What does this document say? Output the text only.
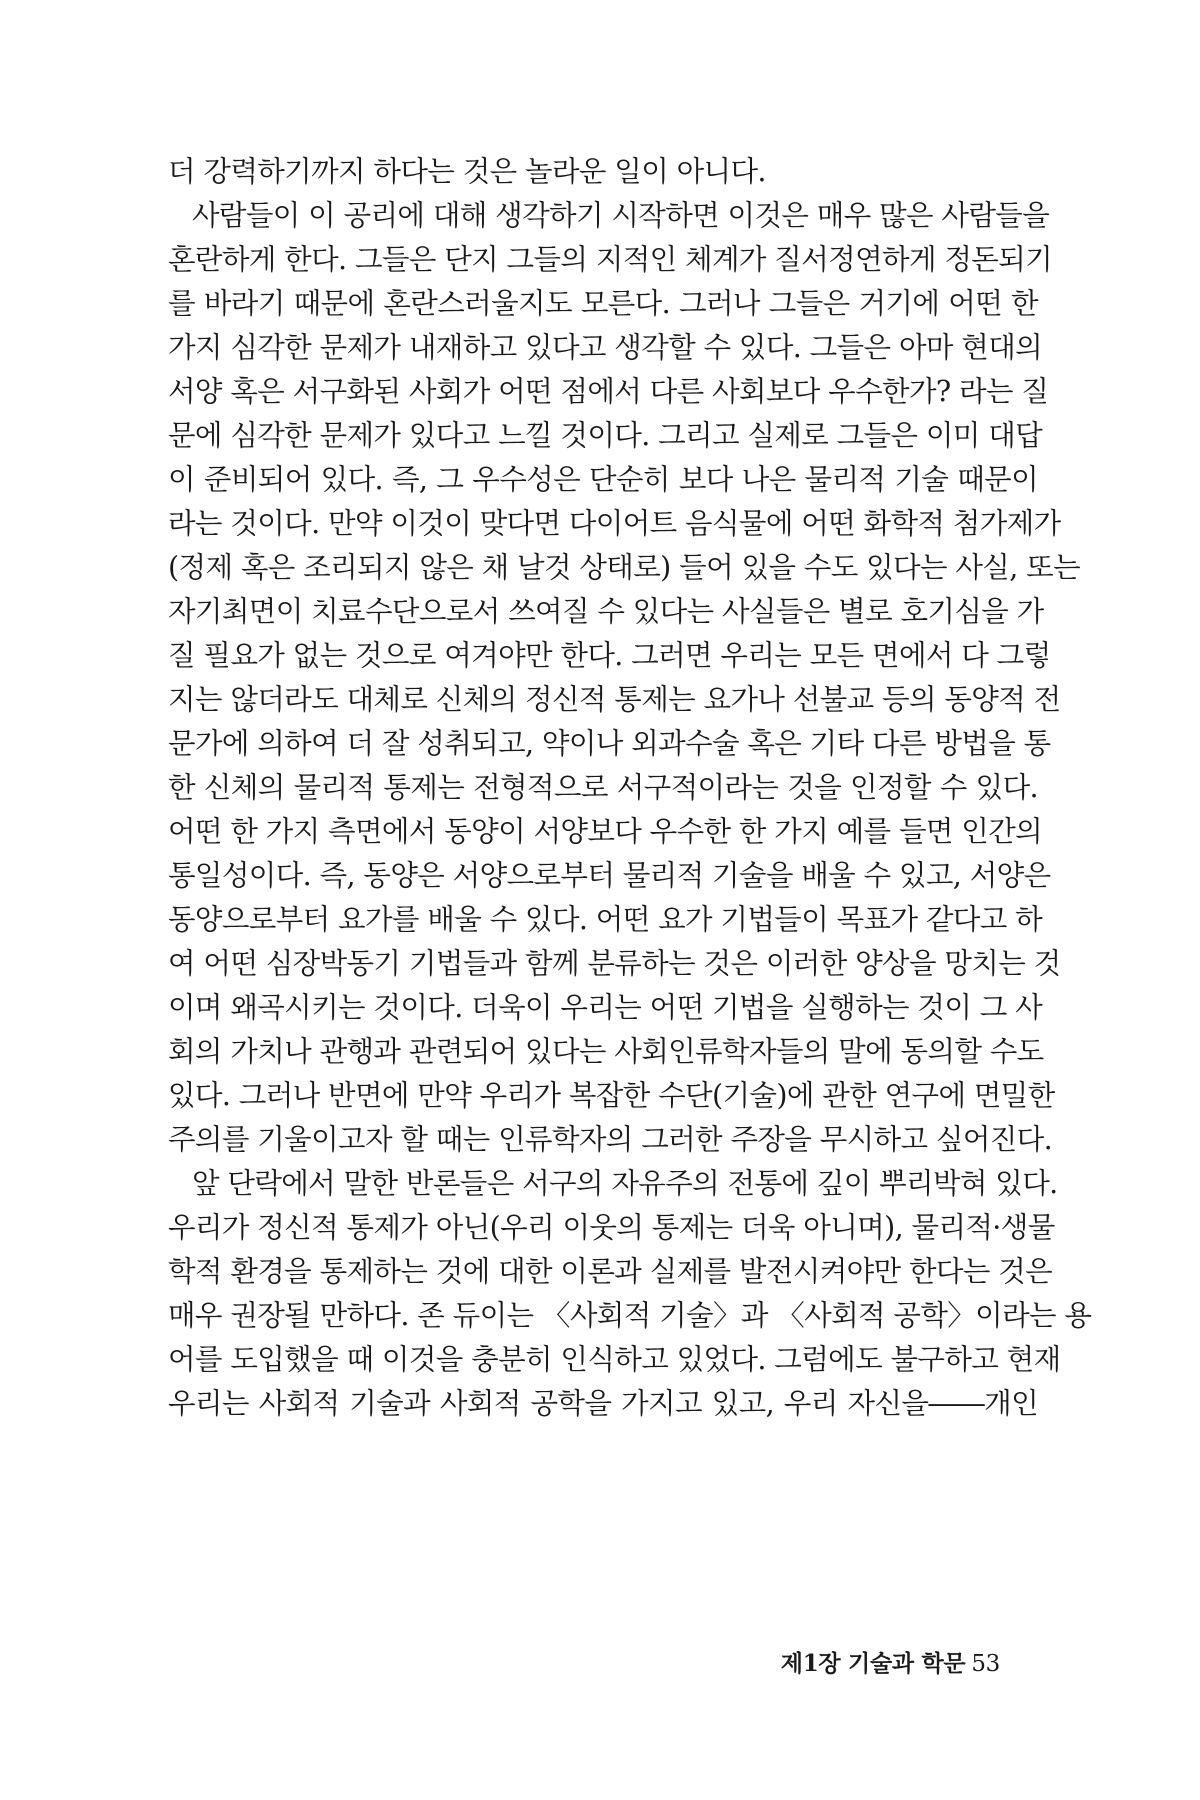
더 강력하기까지 하다는 것은 놀라운 일이 아니다.
사람들이 이 공리에 대해 생각하기 시작하면 이것은 매우 많은 사람들을
혼란하게 한다. 그들은 단지 그들의 지적인 체계가 질서정연하게 정돈되기
를 바라기 때문에 혼란스러울지도 모른다. 그러나 그들은 거기에 어떤 한
가지 심각한 문제가 내재하고 있다고 생각할 수 있다. 그들은 아마 현대의
서양 혹은 서구화된 사회가 어떤 점에서 다른 사회보다 우수한가? 라는 질
문에 심각한 문제가 있다고 느낄 것이다. 그리고 실제로 그들은 이미 대답
이 준비되어 있다. 즉, 그 우수성은 단순히 보다 나은 물리적 기술 때문이
라는 것이다. 만약 이것이 맞다면 다이어트 음식물에 어떤 화학적 첨가제가
(정제 혹은 조리되지 않은 채 날것 상태로) 들어 있을 수도 있다는 사실, 또는
자기최면이 치료수단으로서 쓰여질 수 있다는 사실들은 별로 호기심을 가
질 필요가 없는 것으로 여겨야만 한다. 그러면 우리는 모든 면에서 다 그렇
지는 않더라도 대체로 신체의 정신적 통제는 요가나 선불교 등의 동양적 전
문가에 의하여 더 잘 성취되고, 약이나 외과수술 혹은 기타 다른 방법을 통
한 신체의 물리적 통제는 전형적으로 서구적이라는 것을 인정할 수 있다.
어떤 한 가지 측면에서 동양이 서양보다 우수한 한 가지 예를 들면 인간의
통일성이다. 즉, 동양은 서양으로부터 물리적 기술을 배울 수 있고, 서양은
동양으로부터 요가를 배울 수 있다. 어떤 요가 기법들이 목표가 같다고 하
여 어떤 심장박동기 기법들과 함께 분류하는 것은 이러한 양상을 망치는 것
이며 왜곡시키는 것이다. 더욱이 우리는 어떤 기법을 실행하는 것이 그 사
회의 가치나 관행과 관련되어 있다는 사회인류학자들의 말에 동의할 수도
있다. 그러나 반면에 만약 우리가 복잡한 수단(기술)에 관한 연구에 면밀한
주의를 기울이고자 할 때는 인류학자의 그러한 주장을 무시하고 싶어진다.
앞 단락에서 말한 반론들은 서구의 자유주의 전통에 깊이 뿌리박혀 있다.
우리가 정신적 통제가 아닌(우리 이웃의 통제는 더욱 아니며), 물리적·생물
학적 환경을 통제하는 것에 대한 이론과 실제를 발전시켜야만 한다는 것은
매우 권장될 만하다. 존 듀이는 〈사회적 기술〉과 〈사회적 공학〉이라는 용
어를 도입했을 때 이것을 충분히 인식하고 있었다. 그럼에도 불구하고 현재
우리는 사회적 기술과 사회적 공학을 가지고 있고, 우리 자신을――개인
제1장 기술과 학문 53
